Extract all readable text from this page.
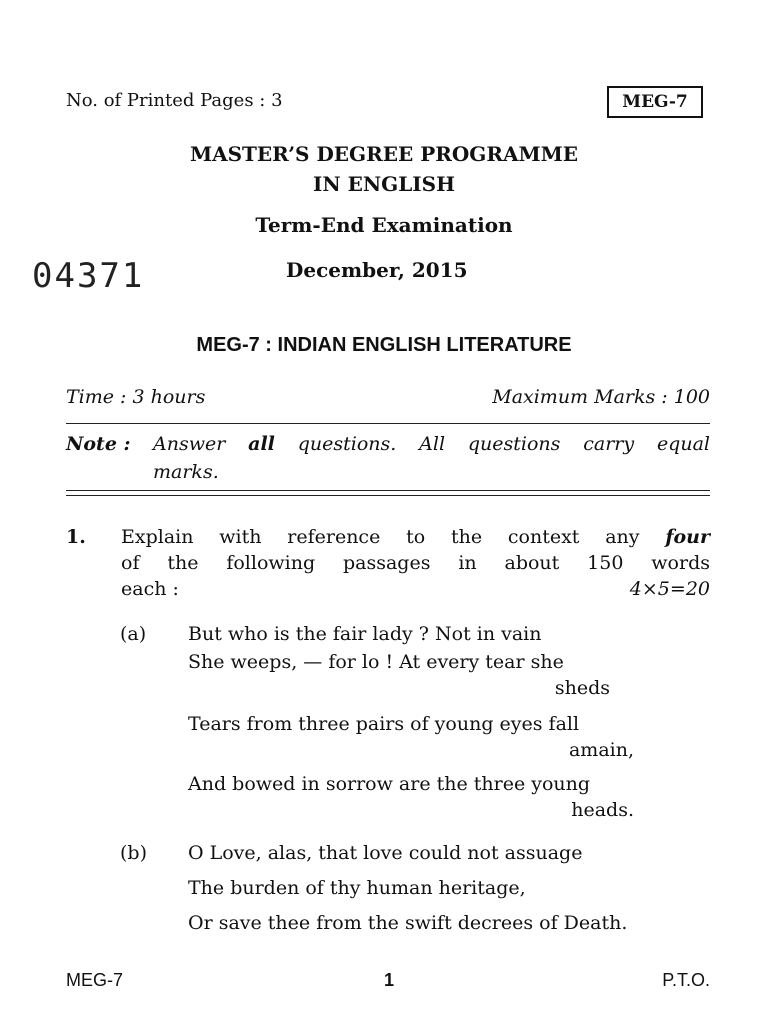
No. of Printed Pages : 3	MEG-7
MASTER’S DEGREE PROGRAMME
IN ENGLISH
Term-End Examination
04371	December, 2015
MEG-7 : INDIAN ENGLISH LITERATURE
Time : 3 hours	Maximum Marks : 100
Note : Answer all questions. All questions carry equal
marks.
1. Explain with reference to the context any four
of the following passages in about 150 words
each :	4×5=20
(a) But who is the fair lady ? Not in vain
She weeps, — for lo ! At every tear she
sheds
Tears from three pairs of young eyes fall
amain,
And bowed in sorrow are the three young
heads.
(b) O Love, alas, that love could not assuage
The burden of thy human heritage,
Or save thee from the swift decrees of Death.
MEG-7	1	P.T.O.
